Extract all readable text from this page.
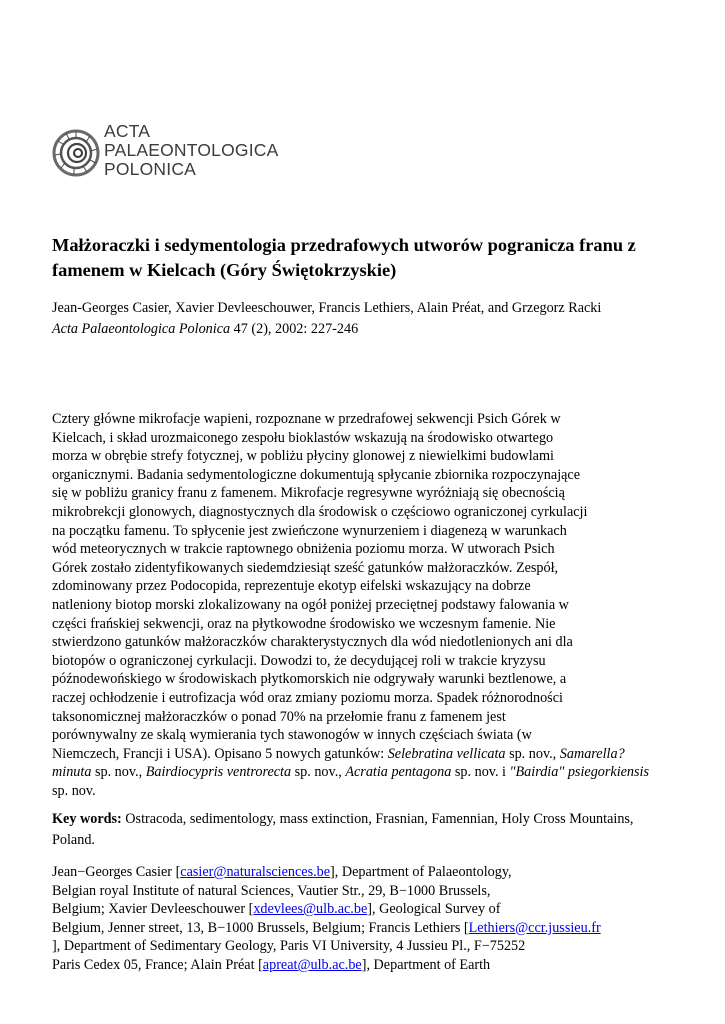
ACTA
PALAEONTOLOGICA
POLONICA
Małżoraczki i sedymentologia przedrafowych utworów pogranicza franu z famenem w Kielcach (Góry Świętokrzyskie)
Jean-Georges Casier, Xavier Devleeschouwer, Francis Lethiers, Alain Préat, and Grzegorz Racki
Acta Palaeontologica Polonica 47 (2), 2002: 227-246
Cztery główne mikrofacje wapieni, rozpoznane w przedrafowej sekwencji Psich Górek w
Kielcach, i skład urozmaiconego zespołu bioklastów wskazują na środowisko otwartego
morza w obrębie strefy fotycznej, w pobliżu płyciny glonowej z niewielkimi budowlami
organicznymi. Badania sedymentologiczne dokumentują spłycanie zbiornika rozpoczynające
się w pobliżu granicy franu z famenem. Mikrofacje regresywne wyróżniają się obecnością
mikrobrekcji glonowych, diagnostycznych dla środowisk o częściowo ograniczonej cyrkulacji
na początku famenu. To spłycenie jest zwieńczone wynurzeniem i diagenezą w warunkach
wód meteorycznych w trakcie raptownego obniżenia poziomu morza. W utworach Psich
Górek zostało zidentyfikowanych siedemdziesiąt sześć gatunków małżoraczków. Zespół,
zdominowany przez Podocopida, reprezentuje ekotyp eifelski wskazujący na dobrze
natleniony biotop morski zlokalizowany na ogół poniżej przeciętnej podstawy falowania w
części frańskiej sekwencji, oraz na płytkowodne środowisko we wczesnym famenie. Nie
stwierdzono gatunków małżoraczków charakterystycznych dla wód niedotlenionych ani dla
biotopów o ograniczonej cyrkulacji. Dowodzi to, że decydującej roli w trakcie kryzysu
późnodewońskiego w środowiskach płytkomorskich nie odgrywały warunki beztlenowe, a
raczej ochłodzenie i eutrofizacja wód oraz zmiany poziomu morza. Spadek różnorodności
taksonomicznej małżoraczków o ponad 70% na przełomie franu z famenem jest
porównywalny ze skalą wymierania tych stawonogów w innych częściach świata (w
Niemczech, Francji i USA). Opisano 5 nowych gatunków: Selebratina vellicata sp. nov., Samarella?
minuta sp. nov., Bairdiocypris ventrorecta sp. nov., Acratia pentagona sp. nov. i "Bairdia" psiegorkiensis
sp. nov.
Key words: Ostracoda, sedimentology, mass extinction, Frasnian, Famennian, Holy Cross Mountains,
Poland.
Jean−Georges Casier [casier@naturalsciences.be], Department of Palaeontology,
Belgian royal Institute of natural Sciences, Vautier Str., 29, B−1000 Brussels,
Belgium; Xavier Devleeschouwer [xdevlees@ulb.ac.be], Geological Survey of
Belgium, Jenner street, 13, B−1000 Brussels, Belgium; Francis Lethiers [Lethiers@ccr.jussieu.fr
], Department of Sedimentary Geology, Paris VI University, 4 Jussieu Pl., F−75252
Paris Cedex 05, France; Alain Préat [apreat@ulb.ac.be], Department of Earth
